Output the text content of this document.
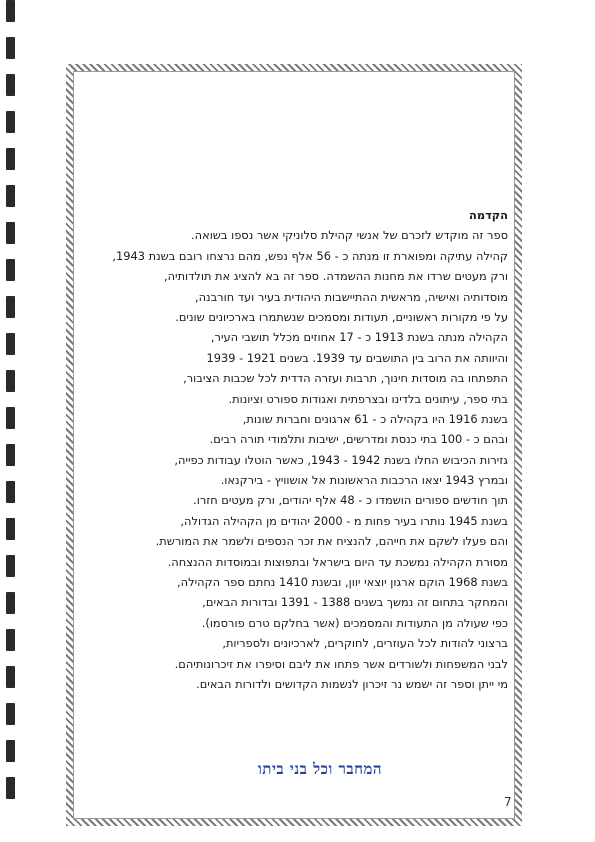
הקדמה
ספר זה מוקדש לזכרם של אנשי קהילת סלוניקי אשר נספו בשואה.
קהילה עתיקה ומפוארת זו מנתה כ - 56 אלף נפש, מהם נרצחו רובם בשנת 1943,
ורק מעטים שרדו את מחנות ההשמדה. ספר זה בא להציג את תולדותיה,
מוסדותיה ואישיה, מראשית ההתיישבות היהודית בעיר ועד חורבנה,
על פי מקורות ראשוניים, תעודות ומסמכים שנשתמרו בארכיונים שונים.
הקהילה מנתה בשנת 1913 כ - 17 אחוזים מכלל תושבי העיר,
והיוותה את הרוב בין התושבים עד 1939. בשנים 1921 - 1939
התפתחו בה מוסדות חינוך, תרבות ועזרה הדדית לכל שכבות הציבור,
בתי ספר, עיתונים בלדינו ובצרפתית ואגודות ספורט וציונות.
בשנת 1916 היו בקהילה כ - 61 ארגונים וחברות שונות,
ובהם כ - 100 בתי כנסת ומדרשים, ישיבות ותלמודי תורה רבים.
גזירות הכיבוש החלו בשנת 1942 - 1943, כאשר הוטלו עבודות כפייה,
ובמרץ 1943 יצאו הרכבות הראשונות אל אושוויץ - בירקנאו.
תוך חודשים ספורים הושמדו כ - 48 אלף יהודים, ורק מעטים חזרו.
בשנת 1945 נותרו בעיר פחות מ - 2000 יהודים מן הקהילה הגדולה,
והם פעלו לשקם את חייהם, להנציח את זכר הנספים ולשמר את המורשת.
מסורת הקהילה נמשכת עד היום בישראל ובתפוצות ובמוסדות ההנצחה.
בשנת 1968 הוקם ארגון יוצאי יוון, ובשנת 1410 נחתם ספר הקהילה,
והמחקר בתחום זה נמשך בשנים 1388 - 1391 ובדורות הבאים,
כפי שעולה מן התעודות והמסמכים (אשר בחלקם טרם פורסמו).
ברצוני להודות לכל העוזרים, לחוקרים, לארכיונים ולספריות,
לבני המשפחות ולשורדים אשר פתחו את ליבם וסיפרו את זיכרונותיהם.
מי ייתן וספר זה ישמש נר זיכרון לנשמות הקדושים ולדורות הבאים.
המחבר וכל בני ביתו
7
